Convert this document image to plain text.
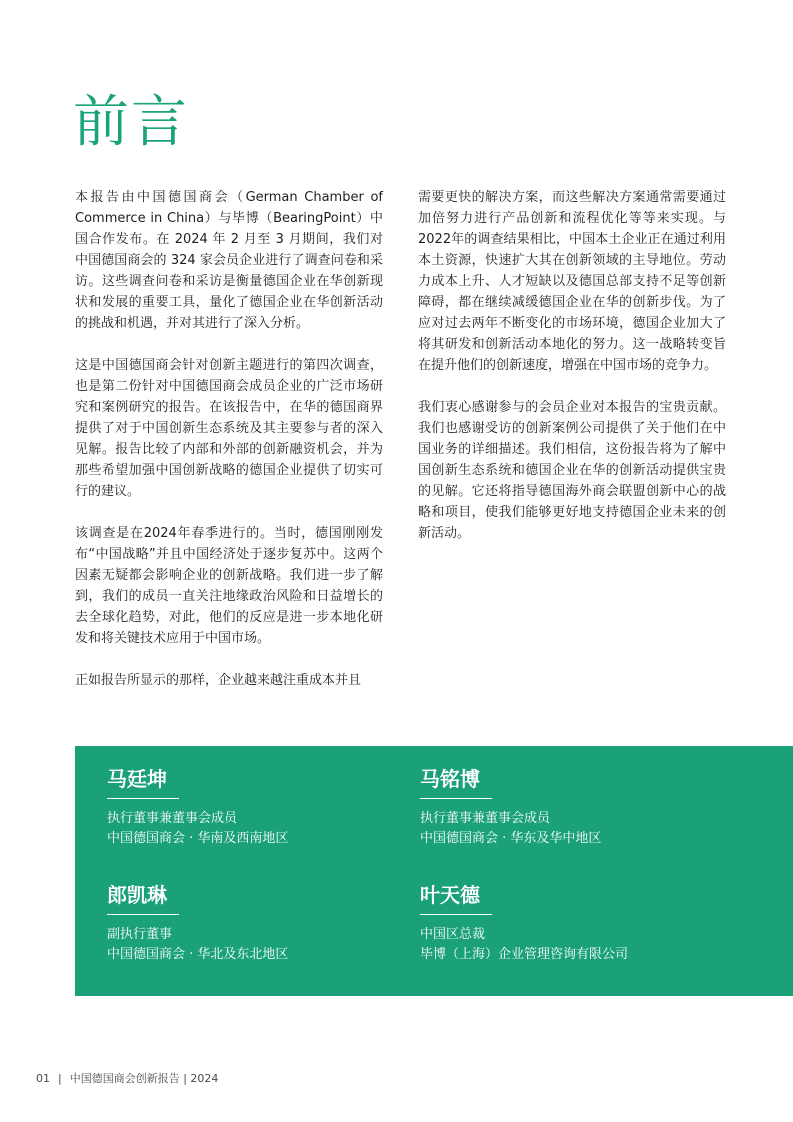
前言

本报告由中国德国商会（German Chamber of Commerce in China）与毕博（BearingPoint）中国合作发布。在 2024 年 2 月至 3 月期间，我们对中国德国商会的 324 家会员企业进行了调查问卷和采访。这些调查问卷和采访是衡量德国企业在华创新现状和发展的重要工具，量化了德国企业在华创新活动的挑战和机遇，并对其进行了深入分析。

这是中国德国商会针对创新主题进行的第四次调查，也是第二份针对中国德国商会成员企业的广泛市场研究和案例研究的报告。在该报告中，在华的德国商界提供了对于中国创新生态系统及其主要参与者的深入见解。报告比较了内部和外部的创新融资机会，并为那些希望加强中国创新战略的德国企业提供了切实可行的建议。

该调查是在2024年春季进行的。当时，德国刚刚发布“中国战略”并且中国经济处于逐步复苏中。这两个因素无疑都会影响企业的创新战略。我们进一步了解到，我们的成员一直关注地缘政治风险和日益增长的去全球化趋势，对此，他们的反应是进一步本地化研发和将关键技术应用于中国市场。

正如报告所显示的那样，企业越来越注重成本并且

需要更快的解决方案，而这些解决方案通常需要通过加倍努力进行产品创新和流程优化等等来实现。与2022年的调查结果相比，中国本土企业正在通过利用本土资源，快速扩大其在创新领域的主导地位。劳动力成本上升、人才短缺以及德国总部支持不足等创新障碍，都在继续减缓德国企业在华的创新步伐。为了应对过去两年不断变化的市场环境，德国企业加大了将其研发和创新活动本地化的努力。这一战略转变旨在提升他们的创新速度，增强在中国市场的竞争力。

我们衷心感谢参与的会员企业对本报告的宝贵贡献。我们也感谢受访的创新案例公司提供了关于他们在中国业务的详细描述。我们相信，这份报告将为了解中国创新生态系统和德国企业在华的创新活动提供宝贵的见解。它还将指导德国海外商会联盟创新中心的战略和项目，使我们能够更好地支持德国企业未来的创新活动。

马廷坤
执行董事兼董事会成员
中国德国商会 · 华南及西南地区
马铭博
执行董事兼董事会成员
中国德国商会 · 华东及华中地区
郎凯琳
副执行董事
中国德国商会 · 华北及东北地区
叶天德
中国区总裁
毕博（上海）企业管理咨询有限公司
01 | 中国德国商会创新报告 | 2024
